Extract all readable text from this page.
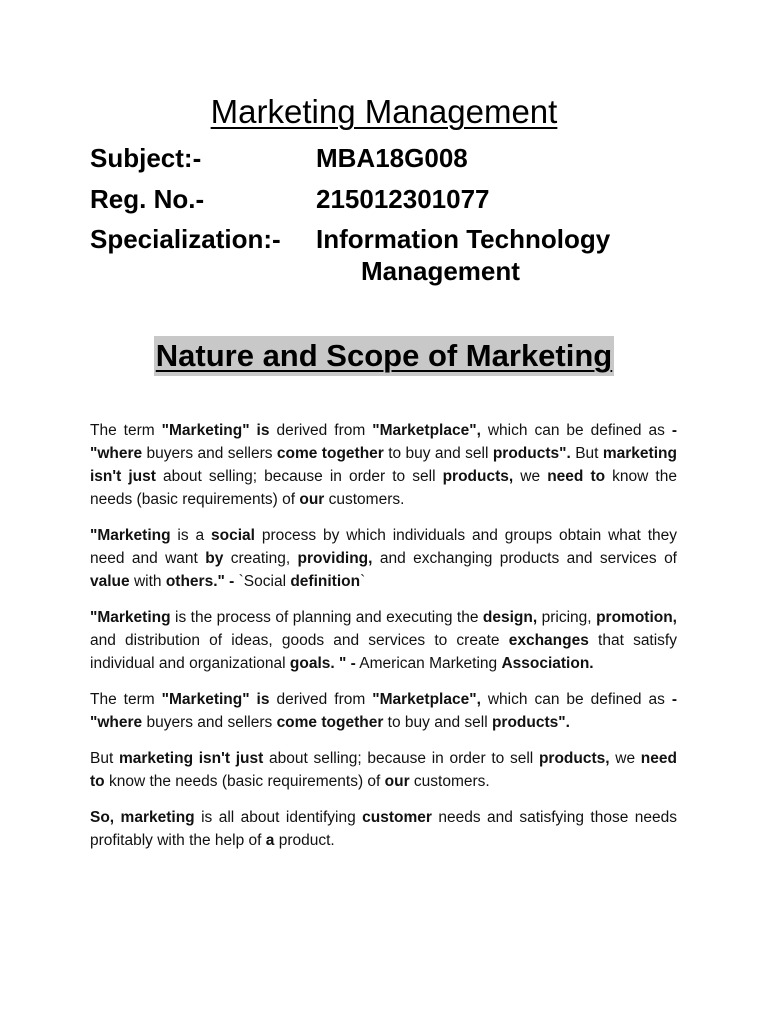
Marketing Management
Subject:-	MBA18G008
Reg. No.-	215012301077
Specialization:- Information Technology
Management
Nature and Scope of Marketing

The term "Marketing" is derived from "Marketplace", which can be defined as - "where buyers and sellers come together to buy and sell products". But marketing isn't just about selling; because in order to sell products, we need to know the needs (basic requirements) of our customers.

"Marketing is a social process by which individuals and groups obtain what they need and want by creating, providing, and exchanging products and services of value with others." - `Social definition`

"Marketing is the process of planning and executing the design, pricing, promotion, and distribution of ideas, goods and services to create exchanges that satisfy individual and organizational goals. " - American Marketing Association.

The term "Marketing" is derived from "Marketplace", which can be defined as - "where buyers and sellers come together to buy and sell products".

But marketing isn't just about selling; because in order to sell products, we need to know the needs (basic requirements) of our customers.

So, marketing is all about identifying customer needs and satisfying those needs profitably with the help of a product.
